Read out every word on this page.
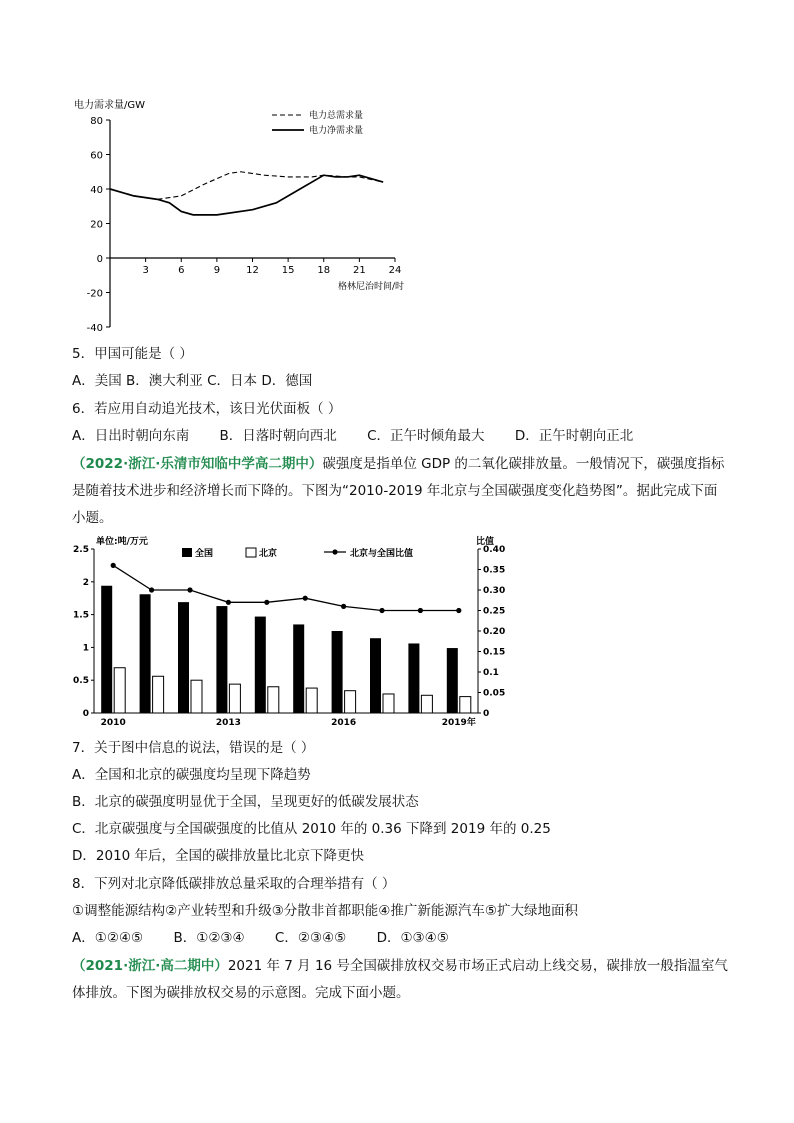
电力需求量/GW
80
60
40
20
0
-20
-40
3	6	9	12 15 18 21 24
格林尼治时间/时
电力总需求量
电力净需求量
5．甲国可能是（ ）
A．美国 B．澳大利亚 C．日本 D．德国
6．若应用自动追光技术，该日光伏面板（ ）
A．日出时朝向东南 B．日落时朝向西北 C．正午时倾角最大 D．正午时朝向正北
（2022·浙江·乐清市知临中学高二期中）碳强度是指单位 GDP 的二氧化碳排放量。一般情况下，碳强度指标
是随着技术进步和经济增长而下降的。下图为“2010-2019 年北京与全国碳强度变化趋势图”。据此完成下面
小题。
单位:吨/万元	比值
2.5
2
1.5
1
0.5
0
0.40
0.35
0.30
0.25
0.20
0.15
0.1
0.05
0
2010	2013	2016	2019年
全国	北京	北京与全国比值
7．关于图中信息的说法，错误的是（ ）
A．全国和北京的碳强度均呈现下降趋势
B．北京的碳强度明显优于全国，呈现更好的低碳发展状态
C．北京碳强度与全国碳强度的比值从 2010 年的 0.36 下降到 2019 年的 0.25
D．2010 年后，全国的碳排放量比北京下降更快
8．下列对北京降低碳排放总量采取的合理举措有（ ）
①调整能源结构②产业转型和升级③分散非首都职能④推广新能源汽车⑤扩大绿地面积
A．①②④⑤ B．①②③④ C．②③④⑤ D．①③④⑤
（2021·浙江·高二期中）2021 年 7 月 16 号全国碳排放权交易市场正式启动上线交易，碳排放一般指温室气
体排放。下图为碳排放权交易的示意图。完成下面小题。
